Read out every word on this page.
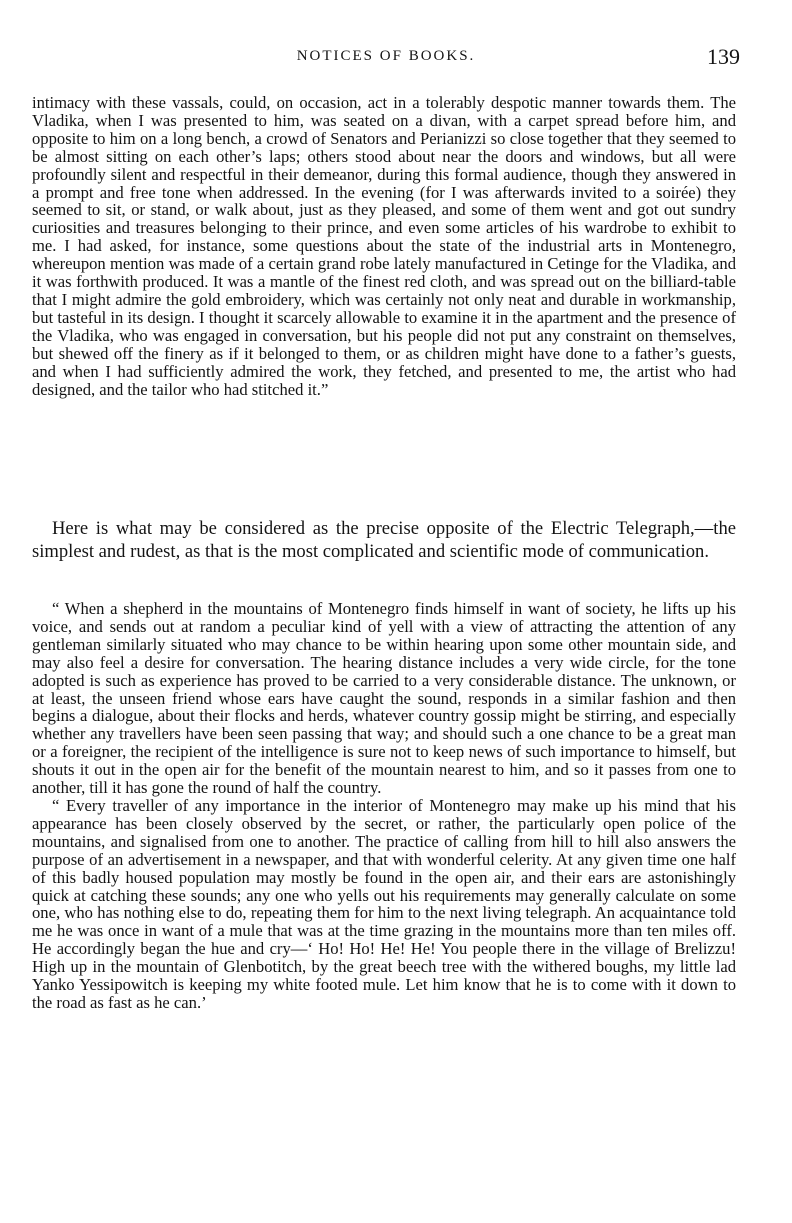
NOTICES OF BOOKS.	139

intimacy with these vassals, could, on occasion, act in a tolerably despotic manner towards them. The Vladika, when I was presented to him, was seated on a divan, with a carpet spread before him, and opposite to him on a long bench, a crowd of Senators and Perianizzi so close together that they seemed to be almost sitting on each other’s laps; others stood about near the doors and windows, but all were profoundly silent and respectful in their demeanor, during this formal audience, though they answered in a prompt and free tone when addressed. In the evening (for I was afterwards invited to a soirée) they seemed to sit, or stand, or walk about, just as they pleased, and some of them went and got out sundry curiosities and treasures belonging to their prince, and even some articles of his wardrobe to exhibit to me. I had asked, for instance, some questions about the state of the industrial arts in Montenegro, whereupon mention was made of a certain grand robe lately manufactured in Cetinge for the Vladika, and it was forthwith produced. It was a mantle of the finest red cloth, and was spread out on the billiard-table that I might admire the gold embroidery, which was certainly not only neat and durable in workmanship, but tasteful in its design. I thought it scarcely allowable to examine it in the apartment and the presence of the Vladika, who was engaged in conversation, but his people did not put any constraint on themselves, but shewed off the finery as if it belonged to them, or as children might have done to a father’s guests, and when I had sufficiently admired the work, they fetched, and presented to me, the artist who had designed, and the tailor who had stitched it.”

Here is what may be considered as the precise opposite of the Electric Telegraph,—the simplest and rudest, as that is the most complicated and scientific mode of communication.

“ When a shepherd in the mountains of Montenegro finds himself in want of society, he lifts up his voice, and sends out at random a peculiar kind of yell with a view of attracting the attention of any gentleman similarly situated who may chance to be within hearing upon some other mountain side, and may also feel a desire for conversation. The hearing distance includes a very wide circle, for the tone adopted is such as experience has proved to be carried to a very considerable distance. The unknown, or at least, the unseen friend whose ears have caught the sound, responds in a similar fashion and then begins a dialogue, about their flocks and herds, whatever country gossip might be stirring, and especially whether any travellers have been seen passing that way; and should such a one chance to be a great man or a foreigner, the recipient of the intelligence is sure not to keep news of such importance to himself, but shouts it out in the open air for the benefit of the mountain nearest to him, and so it passes from one to another, till it has gone the round of half the country.

“ Every traveller of any importance in the interior of Montenegro may make up his mind that his appearance has been closely observed by the secret, or rather, the particularly open police of the mountains, and signalised from one to another. The practice of calling from hill to hill also answers the purpose of an advertisement in a newspaper, and that with wonderful celerity. At any given time one half of this badly housed population may mostly be found in the open air, and their ears are astonishingly quick at catching these sounds; any one who yells out his requirements may generally calculate on some one, who has nothing else to do, repeating them for him to the next living telegraph. An acquaintance told me he was once in want of a mule that was at the time grazing in the mountains more than ten miles off. He accordingly began the hue and cry—‘ Ho! Ho! He! He! You people there in the village of Brelizzu! High up in the mountain of Glenbotitch, by the great beech tree with the withered boughs, my little lad Yanko Yessipowitch is keeping my white footed mule. Let him know that he is to come with it down to the road as fast as he can.’
